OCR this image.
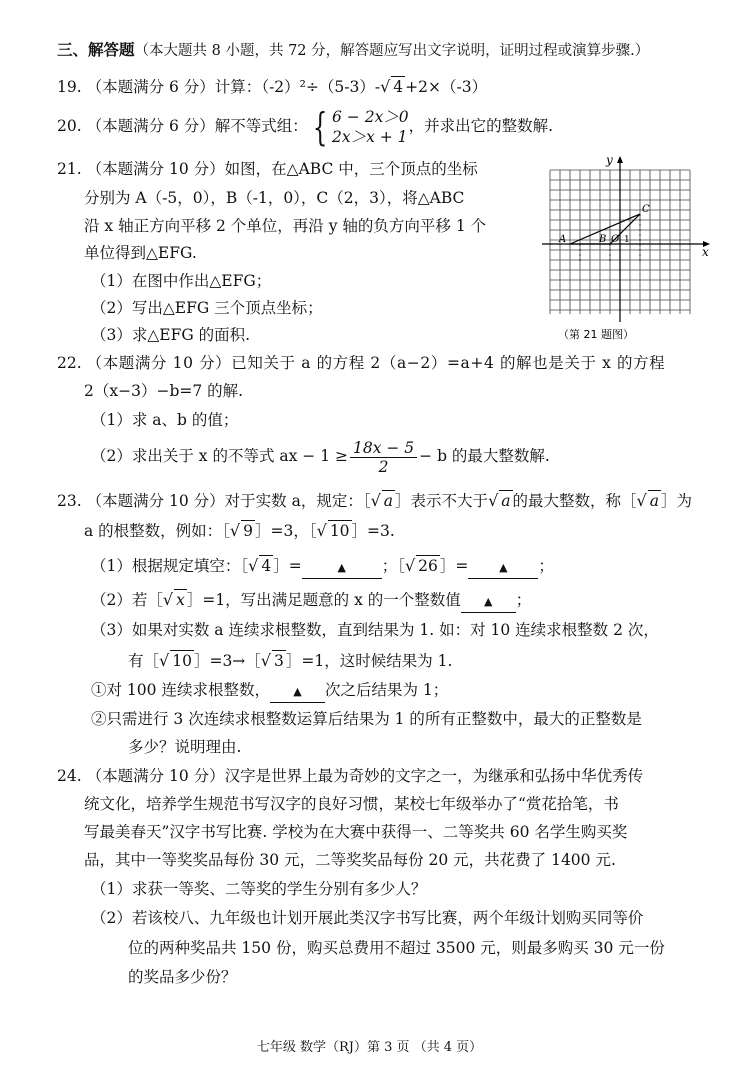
三、解答题（本大题共 8 小题，共 72 分，解答题应写出文字说明，证明过程或演算步骤.）
19. （本题满分 6 分）计算：（-2）²÷（5-3）-√ 4 +2×（-3）
20. （本题满分 6 分）解不等式组： { 6 − 2x＞0
2x＞x + 1
，并求出它的整数解.
21. （本题满分 10 分）如图，在△ABC 中，三个顶点的坐标
分别为 A（-5，0），B（-1，0），C（2，3），将△ABC
沿 x 轴正方向平移 2 个单位，再沿 y 轴的负方向平移 1 个
单位得到△EFG.
（1）在图中作出△EFG；
（2）写出△EFG 三个顶点坐标；
（3）求△EFG 的面积.
y
x
A	B O 1
C
（第 21 题图）
22. （本题满分 10 分）已知关于 a 的方程 2（a−2）=a+4 的解也是关于 x 的方程
2（x−3）−b=7 的解.
（1）求 a、b 的值；
（2）求出关于 x 的不等式 ax − $1 \ge \frac{18x - 5}{2} - b$ 的最大整数解.
23. （本题满分 10 分）对于实数 a，规定：［√ a ］表示不大于√ a 的最大整数，称［√ a ］为
a 的根整数，例如：［√ 9 ］=3，［√ 10 ］=3.
（1）根据规定填空：［√ 4 ］=	▲ ；［√ 26 ］=	▲ ；
（2）若［√ x ］=1，写出满足题意的 x 的一个整数值 ▲ ；
（3）如果对实数 a 连续求根整数，直到结果为 1. 如：对 10 连续求根整数 2 次，
有［√ 10 ］=3→［√ 3 ］=1，这时候结果为 1.
①对 100 连续求根整数， ▲ 次之后结果为 1；
②只需进行 3 次连续求根整数运算后结果为 1 的所有正整数中，最大的正整数是
多少？说明理由.
24. （本题满分 10 分）汉字是世界上最为奇妙的文字之一，为继承和弘扬中华优秀传
统文化，培养学生规范书写汉字的良好习惯，某校七年级举办了“赏花拾笔，书
写最美春天”汉字书写比赛. 学校为在大赛中获得一、二等奖共 60 名学生购买奖
品，其中一等奖奖品每份 30 元，二等奖奖品每份 20 元，共花费了 1400 元.
（1）求获一等奖、二等奖的学生分别有多少人？
（2）若该校八、九年级也计划开展此类汉字书写比赛，两个年级计划购买同等价
位的两种奖品共 150 份，购买总费用不超过 3500 元，则最多购买 30 元一份
的奖品多少份？
七年级 数学（RJ）第 3 页 （共 4 页）
